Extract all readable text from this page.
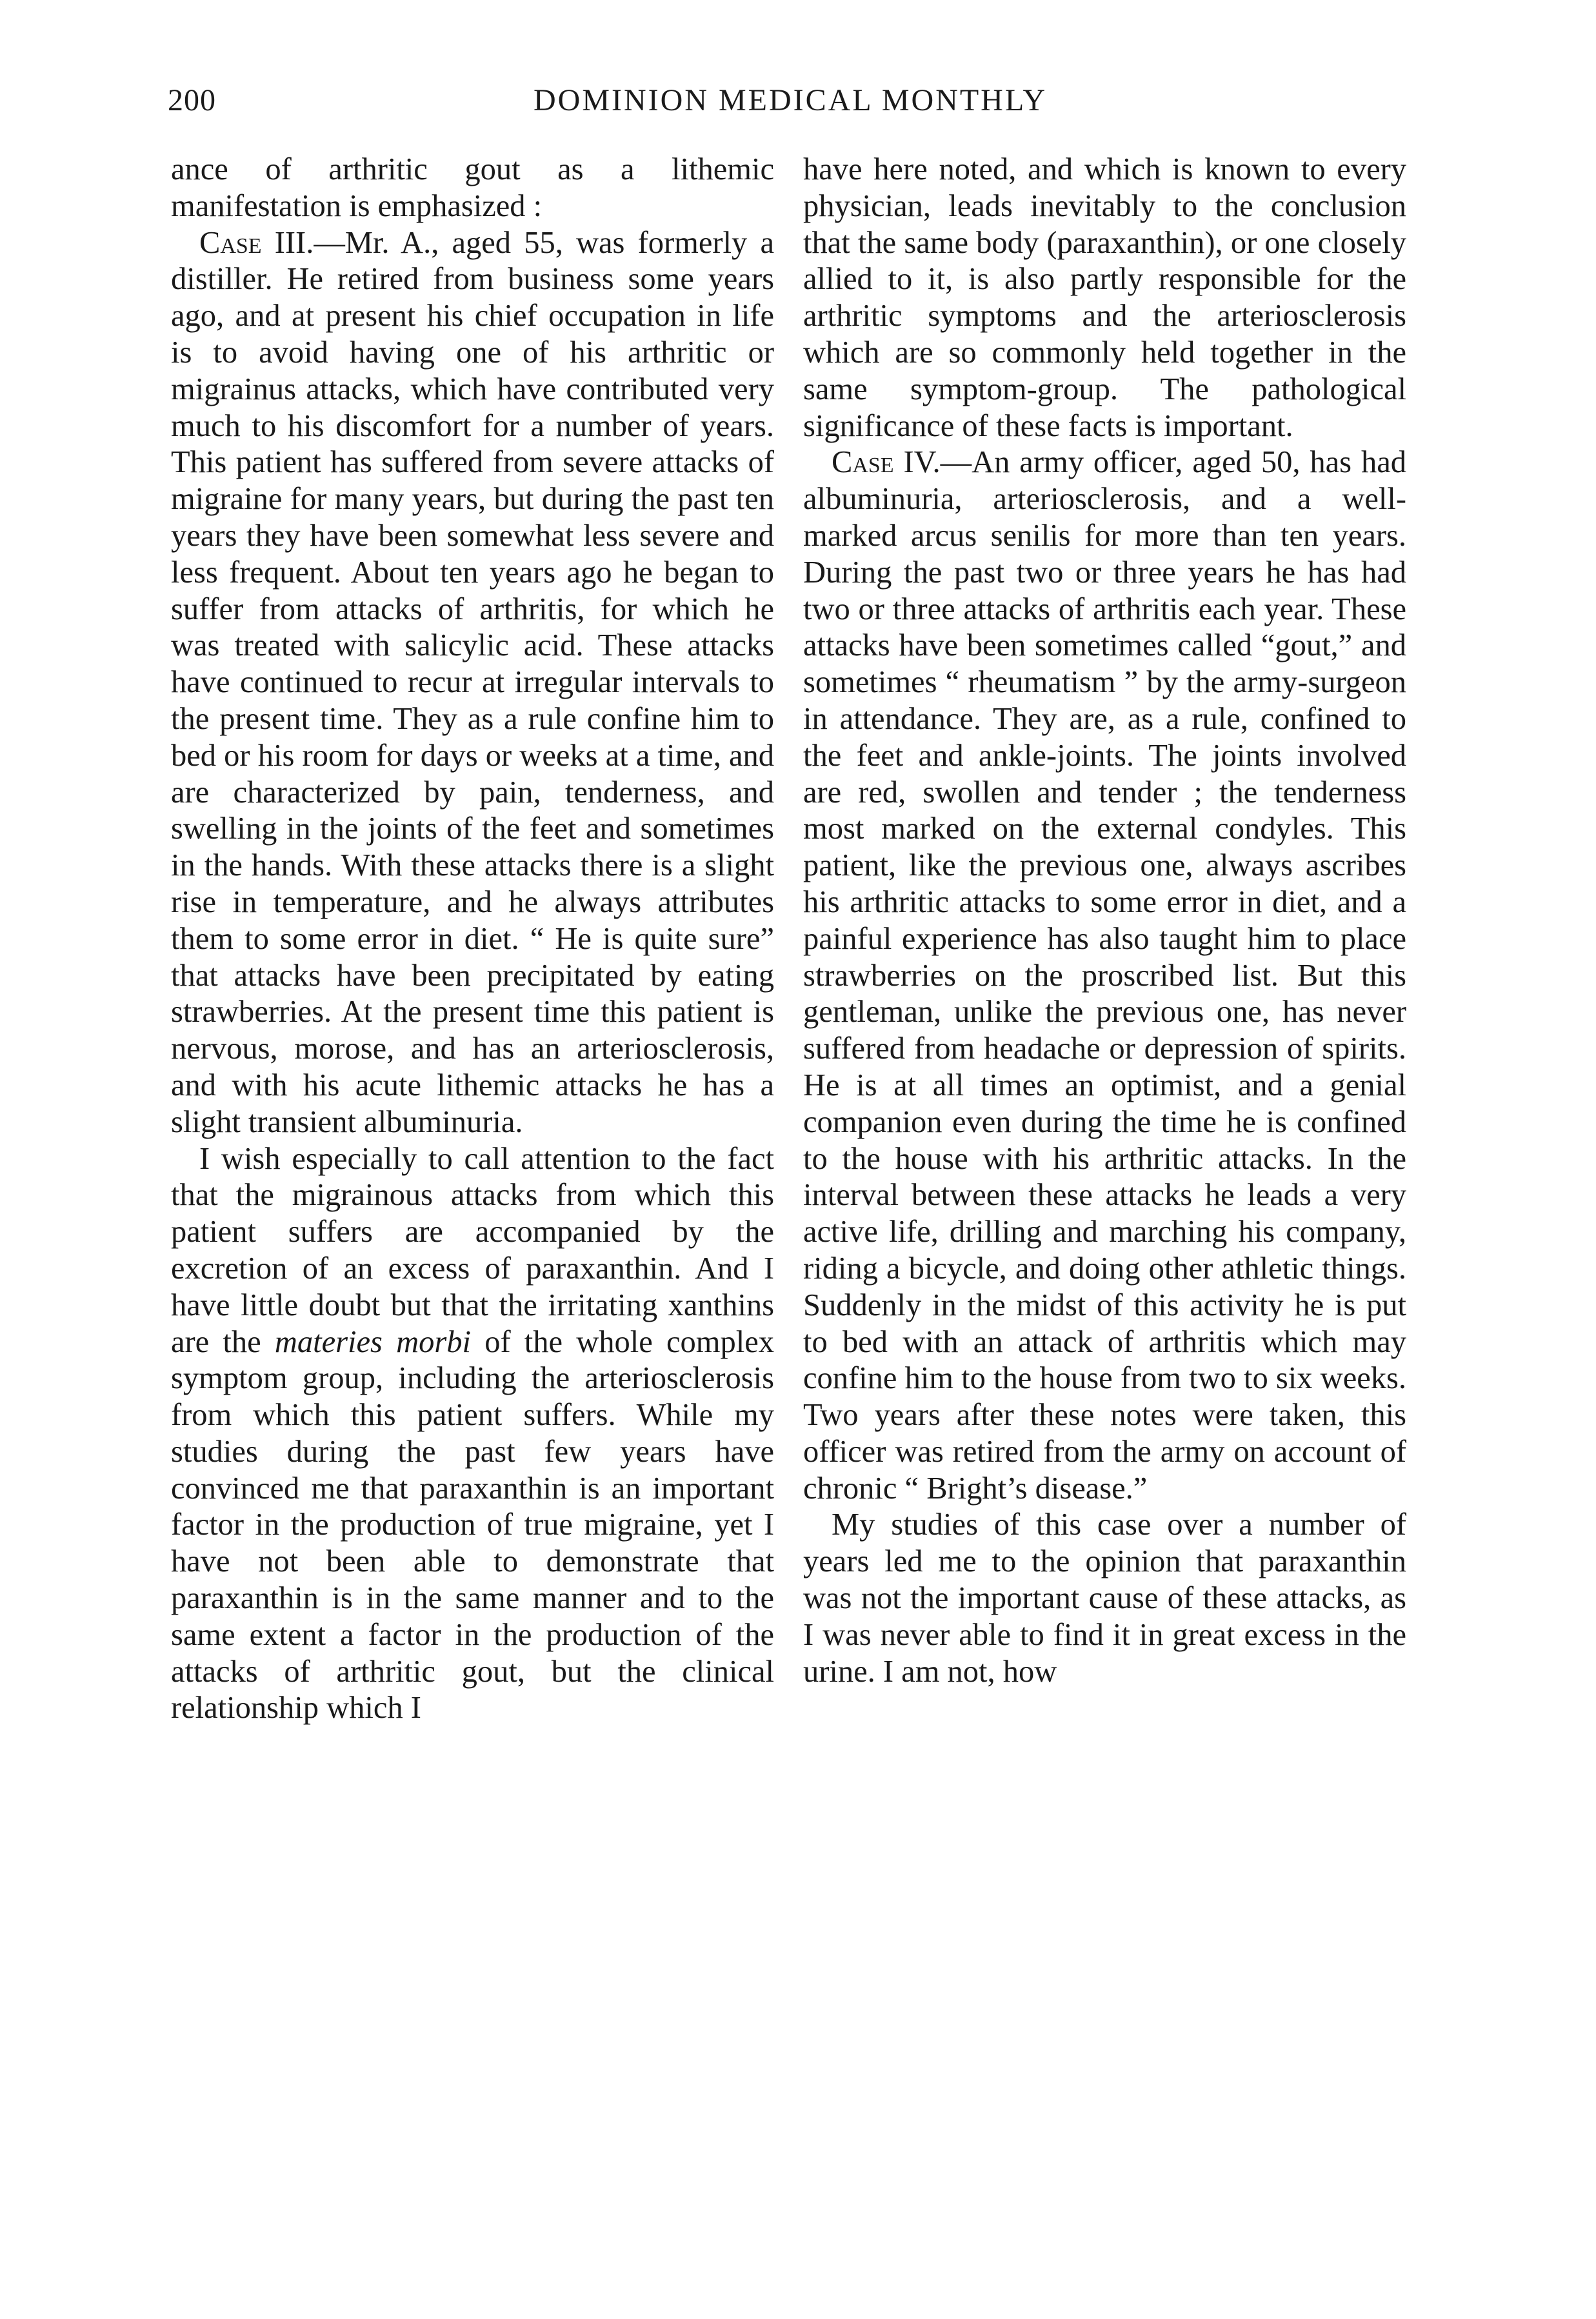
200	DOMINION MEDICAL MONTHLY

ance of arthritic gout as a lithemic manifestation is emphasized :

Case III.—Mr. A., aged 55, was formerly a distiller. He retired from business some years ago, and at present his chief occupation in life is to avoid having one of his arthritic or migrainus attacks, which have contributed very much to his discomfort for a number of years. This patient has suffered from severe attacks of migraine for many years, but during the past ten years they have been somewhat less severe and less frequent. About ten years ago he began to suffer from attacks of arthritis, for which he was treated with salicylic acid. These attacks have continued to recur at irregular intervals to the present time. They as a rule confine him to bed or his room for days or weeks at a time, and are characterized by pain, tenderness, and swelling in the joints of the feet and sometimes in the hands. With these attacks there is a slight rise in temperature, and he always attributes them to some error in diet. “ He is quite sure” that attacks have been precipitated by eating strawberries. At the present time this patient is nervous, morose, and has an arteriosclerosis, and with his acute lithemic attacks he has a slight transient albuminuria.

I wish especially to call attention to the fact that the migrainous attacks from which this patient suffers are accompanied by the excretion of an excess of paraxanthin. And I have little doubt but that the irritating xanthins are the materies morbi of the whole complex symptom group, including the arteriosclerosis from which this patient suffers. While my studies during the past few years have convinced me that paraxanthin is an important factor in the production of true migraine, yet I have not been able to demonstrate that paraxanthin is in the same manner and to the same extent a factor in the production of the attacks of arthritic gout, but the clinical relationship which I

have here noted, and which is known to every physician, leads inevitably to the conclusion that the same body (paraxanthin), or one closely allied to it, is also partly responsible for the arthritic symptoms and the arteriosclerosis which are so commonly held together in the same symptom-group. The pathological significance of these facts is important.

Case IV.—An army officer, aged 50, has had albuminuria, arteriosclerosis, and a well-marked arcus senilis for more than ten years. During the past two or three years he has had two or three attacks of arthritis each year. These attacks have been sometimes called “gout,” and sometimes “ rheumatism ” by the army-surgeon in attendance. They are, as a rule, confined to the feet and ankle-joints. The joints involved are red, swollen and tender ; the tenderness most marked on the external condyles. This patient, like the previous one, always ascribes his arthritic attacks to some error in diet, and a painful experience has also taught him to place strawberries on the proscribed list. But this gentleman, unlike the previous one, has never suffered from headache or depression of spirits. He is at all times an optimist, and a genial companion even during the time he is confined to the house with his arthritic attacks. In the interval between these attacks he leads a very active life, drilling and marching his company, riding a bicycle, and doing other athletic things. Suddenly in the midst of this activity he is put to bed with an attack of arthritis which may confine him to the house from two to six weeks. Two years after these notes were taken, this officer was retired from the army on account of chronic “ Bright’s disease.”

My studies of this case over a number of years led me to the opinion that paraxanthin was not the important cause of these attacks, as I was never able to find it in great excess in the urine. I am not, how
